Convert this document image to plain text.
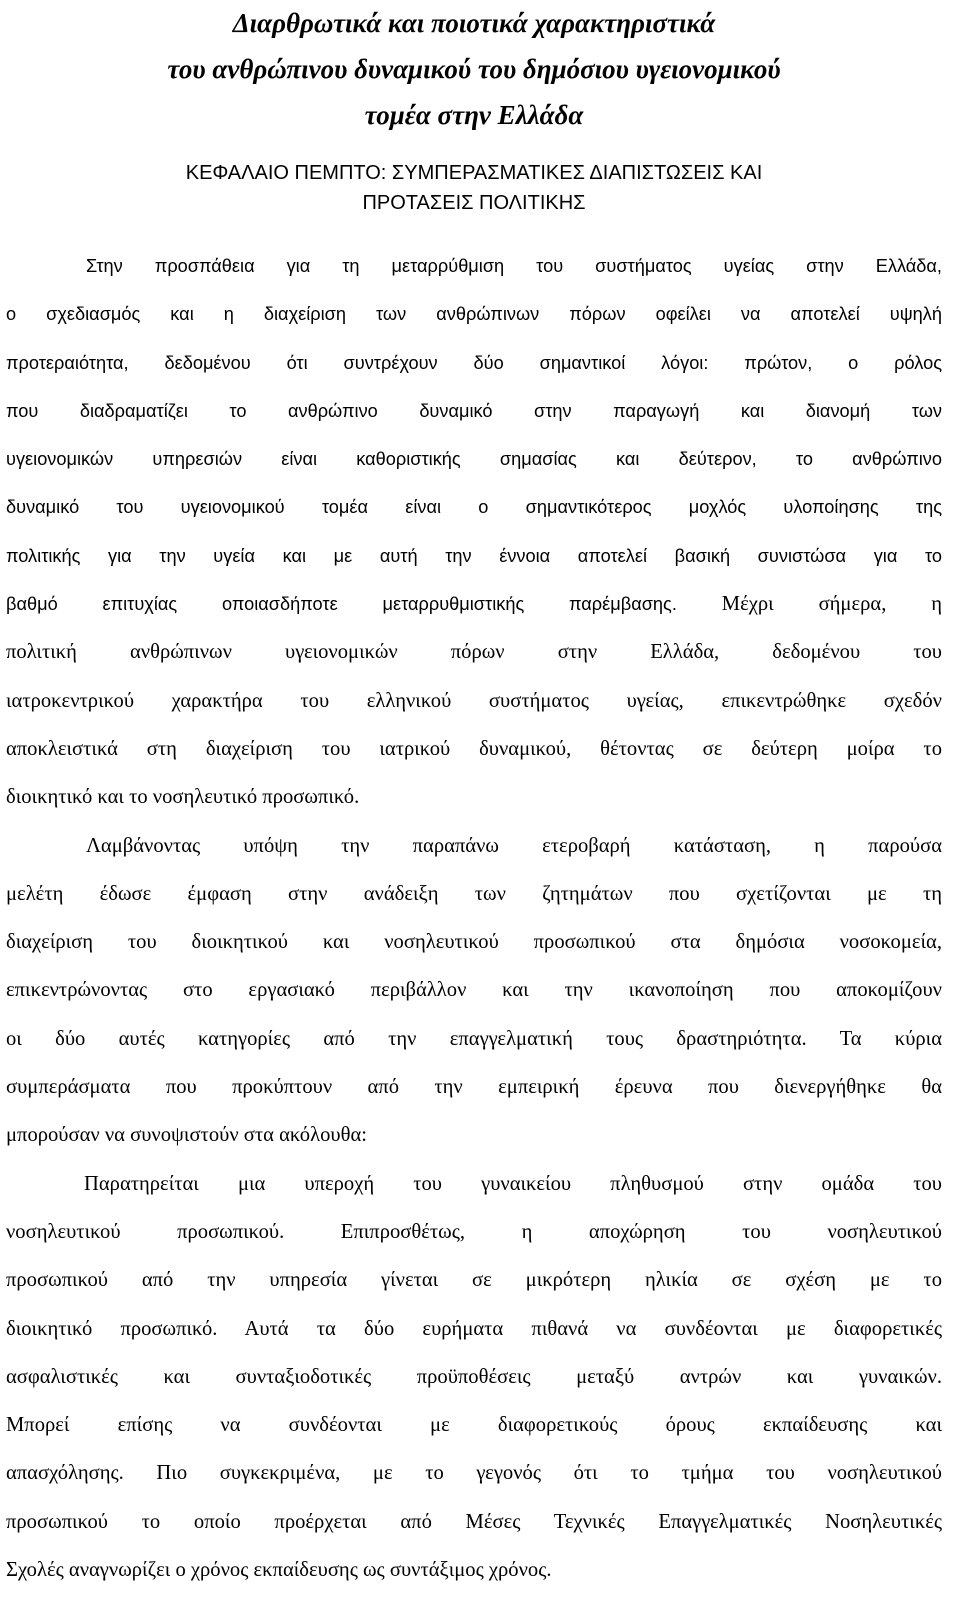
Διαρθρωτικά και ποιοτικά χαρακτηριστικά
του ανθρώπινου δυναμικού του δημόσιου υγειονομικού
τομέα στην Ελλάδα
ΚΕΦΑΛΑΙΟ ΠΕΜΠΤΟ: ΣΥΜΠΕΡΑΣΜΑΤΙΚΕΣ ΔΙΑΠΙΣΤΩΣΕΙΣ ΚΑΙ
ΠΡΟΤΑΣΕΙΣ ΠΟΛΙΤΙΚΗΣ
Στην προσπάθεια για τη μεταρρύθμιση του συστήματος υγείας στην Ελλάδα,
ο σχεδιασμός και η διαχείριση των ανθρώπινων πόρων οφείλει να αποτελεί υψηλή
προτεραιότητα, δεδομένου ότι συντρέχουν δύο σημαντικοί λόγοι: πρώτον, ο ρόλος
που διαδραματίζει το ανθρώπινο δυναμικό στην παραγωγή και διανομή των
υγειονομικών υπηρεσιών είναι καθοριστικής σημασίας και δεύτερον, το ανθρώπινο
δυναμικό του υγειονομικού τομέα είναι ο σημαντικότερος μοχλός υλοποίησης της
πολιτικής για την υγεία και με αυτή την έννοια αποτελεί βασική συνιστώσα για το
βαθμό επιτυχίας οποιασδήποτε μεταρρυθμιστικής παρέμβασης. Μέχρι σήμερα, η
πολιτική ανθρώπινων υγειονομικών πόρων στην Ελλάδα, δεδομένου του
ιατροκεντρικού χαρακτήρα του ελληνικού συστήματος υγείας, επικεντρώθηκε σχεδόν
αποκλειστικά στη διαχείριση του ιατρικού δυναμικού, θέτοντας σε δεύτερη μοίρα το
διοικητικό και το νοσηλευτικό προσωπικό.
Λαμβάνοντας υπόψη την παραπάνω ετεροβαρή κατάσταση, η παρούσα
μελέτη έδωσε έμφαση στην ανάδειξη των ζητημάτων που σχετίζονται με τη
διαχείριση του διοικητικού και νοσηλευτικού προσωπικού στα δημόσια νοσοκομεία,
επικεντρώνοντας στο εργασιακό περιβάλλον και την ικανοποίηση που αποκομίζουν
οι δύο αυτές κατηγορίες από την επαγγελματική τους δραστηριότητα. Τα κύρια
συμπεράσματα που προκύπτουν από την εμπειρική έρευνα που διενεργήθηκε θα
μπορούσαν να συνοψιστούν στα ακόλουθα:
Παρατηρείται μια υπεροχή του γυναικείου πληθυσμού στην ομάδα του
νοσηλευτικού προσωπικού. Επιπροσθέτως, η αποχώρηση του νοσηλευτικού
προσωπικού από την υπηρεσία γίνεται σε μικρότερη ηλικία σε σχέση με το
διοικητικό προσωπικό. Αυτά τα δύο ευρήματα πιθανά να συνδέονται με διαφορετικές
ασφαλιστικές και συνταξιοδοτικές προϋποθέσεις μεταξύ αντρών και γυναικών.
Μπορεί επίσης να συνδέονται με διαφορετικούς όρους εκπαίδευσης και
απασχόλησης. Πιο συγκεκριμένα, με το γεγονός ότι το τμήμα του νοσηλευτικού
προσωπικού το οποίο προέρχεται από Μέσες Τεχνικές Επαγγελματικές Νοσηλευτικές
Σχολές αναγνωρίζει ο χρόνος εκπαίδευσης ως συντάξιμος χρόνος.
